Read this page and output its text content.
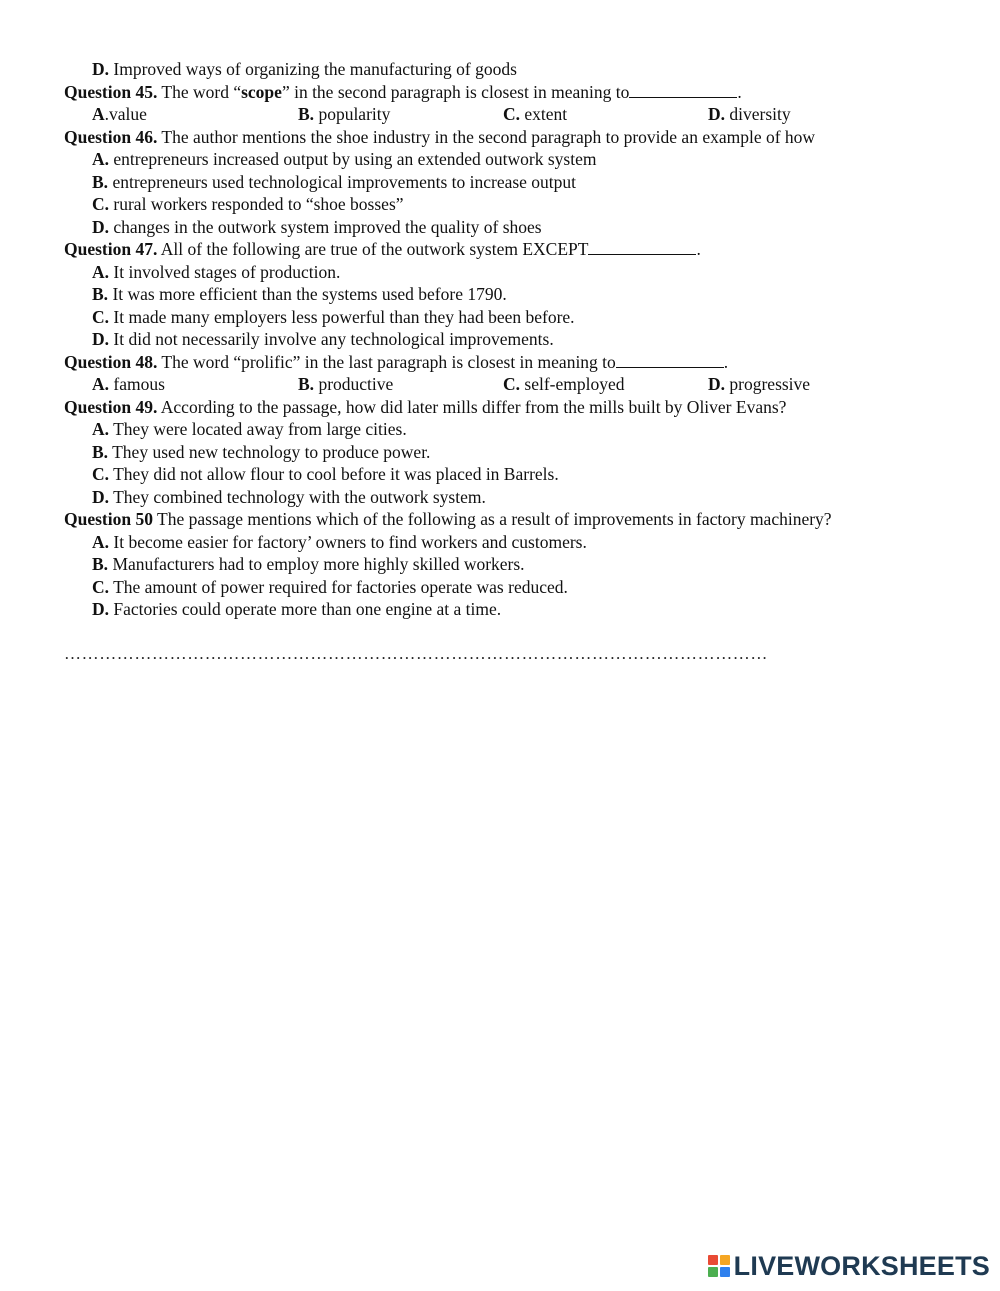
D. Improved ways of organizing the manufacturing of goods
Question 45. The word “scope” in the second paragraph is closest in meaning to	.
A.value	B. popularity	C. extent	D. diversity
Question 46. The author mentions the shoe industry in the second paragraph to provide an example of how
A. entrepreneurs increased output by using an extended outwork system
B. entrepreneurs used technological improvements to increase output
C. rural workers responded to “shoe bosses”
D. changes in the outwork system improved the quality of shoes
Question 47. All of the following are true of the outwork system EXCEPT	.
A. It involved stages of production.
B. It was more efficient than the systems used before 1790.
C. It made many employers less powerful than they had been before.
D. It did not necessarily involve any technological improvements.
Question 48. The word “prolific” in the last paragraph is closest in meaning to	.
A. famous	B. productive	C. self-employed	D. progressive
Question 49. According to the passage, how did later mills differ from the mills built by Oliver Evans?
A. They were located away from large cities.
B. They used new technology to produce power.
C. They did not allow flour to cool before it was placed in Barrels.
D. They combined technology with the outwork system.
Question 50 The passage mentions which of the following as a result of improvements in factory machinery?
A. It become easier for factory’ owners to find workers and customers.
B. Manufacturers had to employ more highly skilled workers.
C. The amount of power required for factories operate was reduced.
D. Factories could operate more than one engine at a time.
…………………………………………………………………………………………………………
LIVEWORKSHEETS
